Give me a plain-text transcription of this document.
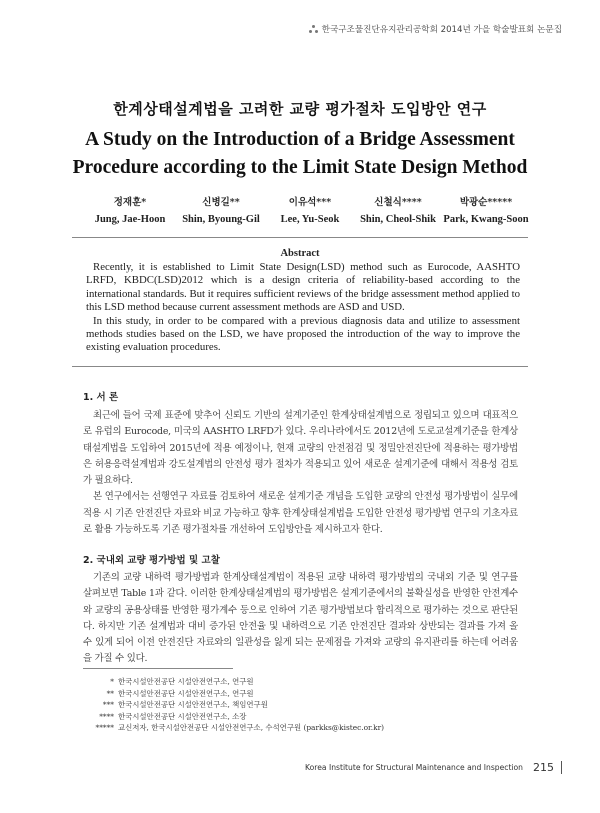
한국구조물진단유지관리공학회 2014년 가을 학술발표회 논문집
한계상태설계법을 고려한 교량 평가절차 도입방안 연구
A Study on the Introduction of a Bridge Assessment
Procedure according to the Limit State Design Method
정재훈*
Jung, Jae-Hoon
신병길**
Shin, Byoung-Gil
이유석***
Lee, Yu-Seok
신철식****
Shin, Cheol-Shik
박광순*****
Park, Kwang-Soon
Abstract

Recently, it is established to Limit State Design(LSD) method such as Eurocode, AASHTO LRFD, KBDC(LSD)2012 which is a design criteria of reliability-based according to the international standards. But it requires sufficient reviews of the bridge assessment method applied to this LSD method because current assessment methods are ASD and USD.

In this study, in order to be compared with a previous diagnosis data and utilize to assessment methods studies based on the LSD, we have proposed the introduction of the way to improve the existing evaluation procedures.

1. 서 론

최근에 들어 국제 표준에 맞추어 신뢰도 기반의 설계기준인 한계상태설계법으로 정립되고 있으며 대표적으로 유럽의 Eurocode, 미국의 AASHTO LRFD가 있다. 우리나라에서도 2012년에 도로교설계기준을 한계상태설계법을 도입하여 2015년에 적용 예정이나, 현재 교량의 안전점검 및 정밀안전진단에 적용하는 평가방법은 허용응력설계법과 강도설계법의 안전성 평가 절차가 적용되고 있어 새로운 설계기준에 대해서 적용성 검토가 필요하다.

본 연구에서는 선행연구 자료를 검토하여 새로운 설계기준 개념을 도입한 교량의 안전성 평가방법이 실무에 적용 시 기존 안전진단 자료와 비교 가능하고 향후 한계상태설계법을 도입한 안전성 평가방법 연구의 기초자료로 활용 가능하도록 기존 평가절차를 개선하여 도입방안을 제시하고자 한다.

2. 국내외 교량 평가방법 및 고찰

기존의 교량 내하력 평가방법과 한계상태설계법이 적용된 교량 내하력 평가방법의 국내외 기준 및 연구를 살펴보면 Table 1과 같다. 이러한 한계상태설계법의 평가방법은 설계기준에서의 불확실성을 반영한 안전계수와 교량의 공용상태를 반영한 평가계수 등으로 인하여 기존 평가방법보다 합리적으로 평가하는 것으로 판단된다. 하지만 기존 설계법과 대비 증가된 안전율 및 내하력으로 기존 안전진단 결과와 상반되는 결과를 가져 올 수 있게 되어 이전 안전진단 자료와의 일관성을 잃게 되는 문제점을 가져와 교량의 유지관리를 하는데 어려움을 가질 수 있다.

* 한국시설안전공단 시설안전연구소, 연구원
** 한국시설안전공단 시설안전연구소, 연구원
*** 한국시설안전공단 시설안전연구소, 책임연구원
**** 한국시설안전공단 시설안전연구소, 소장
***** 교신저자, 한국시설안전공단 시설안전연구소, 수석연구원 (parkks@kistec.or.kr)
Korea Institute for Structural Maintenance and Inspection 215
